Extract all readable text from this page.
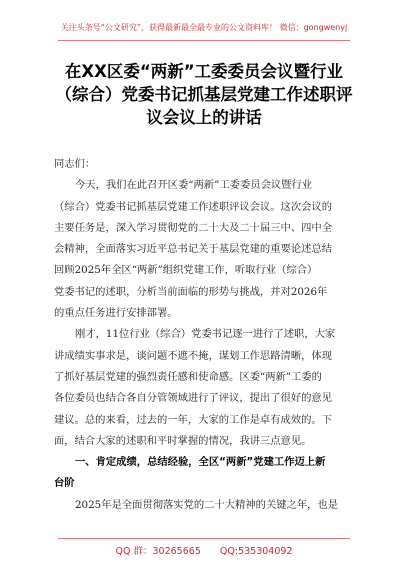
关注头条号“公文研究”，获得最新最全最专业的公文资料库！ 微信：gongwenyj
在XX区委“两新”工委委员会议暨行业
（综合）党委书记抓基层党建工作述职评
议会议上的讲话
同志们：
今天，我们在此召开区委“两新”工委委员会议暨行业
（综合）党委书记抓基层党建工作述职评议会议。这次会议的
主要任务是，深入学习贯彻党的二十大及二十届三中、四中全
会精神，全面落实习近平总书记关于基层党建的重要论述总结
回顾2025年全区“两新”组织党建工作，听取行业（综合）
党委书记的述职，分析当前面临的形势与挑战，并对2026年
的重点任务进行安排部署。
刚才，11位行业（综合）党委书记逐一进行了述职，大家
讲成绩实事求是，谈问题不遮不掩，谋划工作思路清晰，体现
了抓好基层党建的强烈责任感和使命感。区委“两新”工委的
各位委员也结合各自分管领域进行了评议，提出了很好的意见
建议。总的来看，过去的一年，大家的工作是卓有成效的。下
面，结合大家的述职和平时掌握的情况，我讲三点意见。
一、肯定成绩，总结经验，全区“两新”党建工作迈上新
台阶
2025年是全面贯彻落实党的二十大精神的关键之年，也是
QQ 群：30265665 QQ:535304092
